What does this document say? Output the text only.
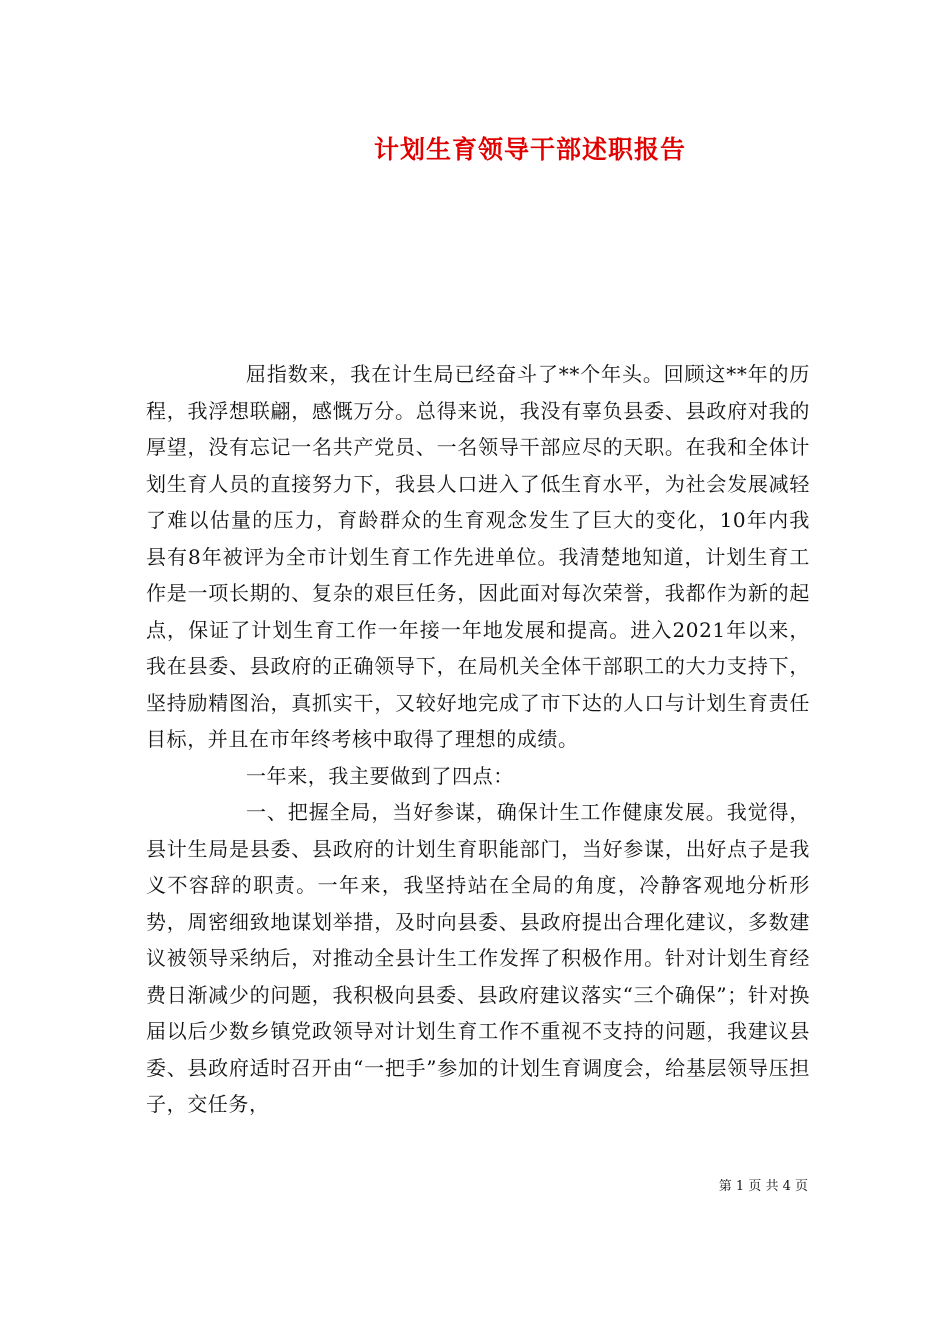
计划生育领导干部述职报告

屈指数来，我在计生局已经奋斗了**个年头。回顾这**年的历程，我浮想联翩，感慨万分。总得来说，我没有辜负县委、县政府对我的厚望，没有忘记一名共产党员、一名领导干部应尽的天职。在我和全体计划生育人员的直接努力下，我县人口进入了低生育水平，为社会发展减轻了难以估量的压力，育龄群众的生育观念发生了巨大的变化，10年内我县有8年被评为全市计划生育工作先进单位。我清楚地知道，计划生育工作是一项长期的、复杂的艰巨任务，因此面对每次荣誉，我都作为新的起点，保证了计划生育工作一年接一年地发展和提高。进入2021年以来，我在县委、县政府的正确领导下，在局机关全体干部职工的大力支持下，坚持励精图治，真抓实干，又较好地完成了市下达的人口与计划生育责任目标，并且在市年终考核中取得了理想的成绩。

一年来，我主要做到了四点：

一、把握全局，当好参谋，确保计生工作健康发展。我觉得，县计生局是县委、县政府的计划生育职能部门，当好参谋，出好点子是我义不容辞的职责。一年来，我坚持站在全局的角度，冷静客观地分析形势，周密细致地谋划举措，及时向县委、县政府提出合理化建议，多数建议被领导采纳后，对推动全县计生工作发挥了积极作用。针对计划生育经费日渐减少的问题，我积极向县委、县政府建议落实“三个确保”；针对换届以后少数乡镇党政领导对计划生育工作不重视不支持的问题，我建议县委、县政府适时召开由“一把手”参加的计划生育调度会，给基层领导压担子，交任务，

第 1 页 共 4 页
